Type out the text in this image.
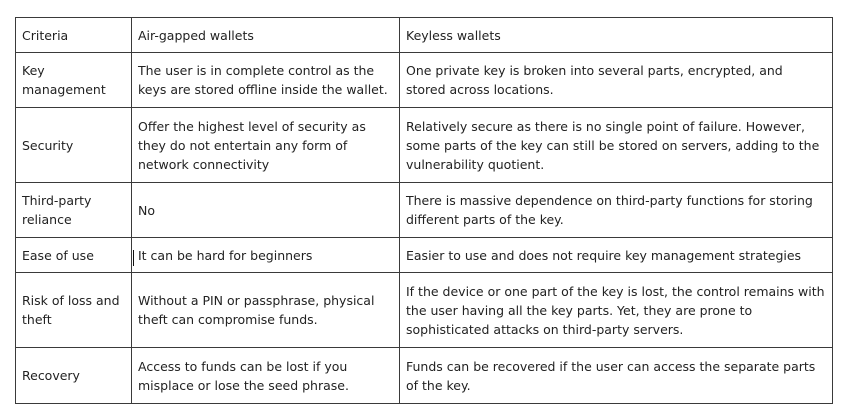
Criteria	Air-gapped wallets	Keyless wallets
Key management	The user is in complete control as the keys are stored offline inside the wallet.	One private key is broken into several parts, encrypted, and stored across locations.
Security	Offer the highest level of security as they do not entertain any form of network connectivity	Relatively secure as there is no single point of failure. However, some parts of the key can still be stored on servers, adding to the vulnerability quotient.
Third-party reliance	No	There is massive dependence on third-party functions for storing different parts of the key.
Ease of use	It can be hard for beginners	Easier to use and does not require key management strategies
Risk of loss and theft	Without a PIN or passphrase, physical theft can compromise funds.	If the device or one part of the key is lost, the control remains with the user having all the key parts. Yet, they are prone to sophisticated attacks on third-party servers.
Recovery	Access to funds can be lost if you misplace or lose the seed phrase.	Funds can be recovered if the user can access the separate parts of the key.
